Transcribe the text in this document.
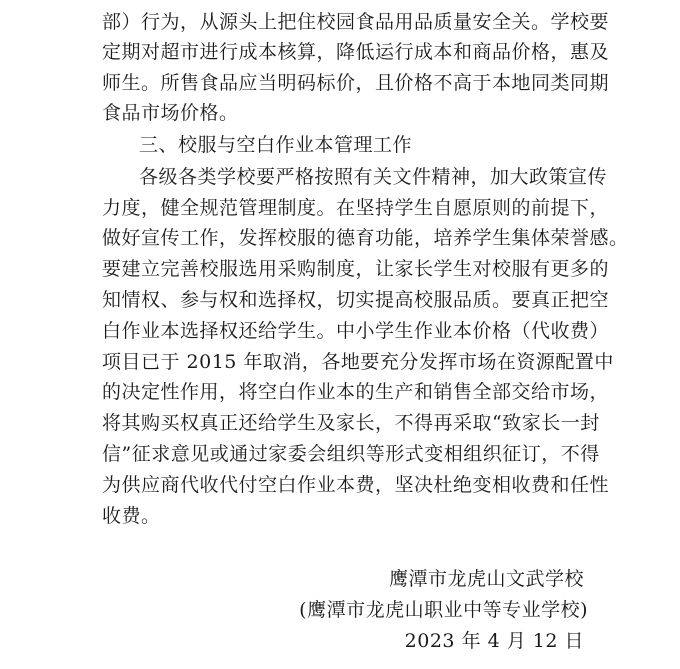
部）行为，从源头上把住校园食品用品质量安全关。学校要
定期对超市进行成本核算，降低运行成本和商品价格，惠及
师生。所售食品应当明码标价，且价格不高于本地同类同期
食品市场价格。
三、校服与空白作业本管理工作
各级各类学校要严格按照有关文件精神，加大政策宣传
力度，健全规范管理制度。在坚持学生自愿原则的前提下，
做好宣传工作，发挥校服的德育功能，培养学生集体荣誉感。
要建立完善校服选用采购制度，让家长学生对校服有更多的
知情权、参与权和选择权，切实提高校服品质。要真正把空
白作业本选择权还给学生。中小学生作业本价格（代收费）
项目已于 2015 年取消，各地要充分发挥市场在资源配置中
的决定性作用，将空白作业本的生产和销售全部交给市场，
将其购买权真正还给学生及家长，不得再采取“致家长一封
信”征求意见或通过家委会组织等形式变相组织征订，不得
为供应商代收代付空白作业本费，坚决杜绝变相收费和任性
收费。
鹰潭市龙虎山文武学校
(鹰潭市龙虎山职业中等专业学校)
2023 年 4 月 12 日
